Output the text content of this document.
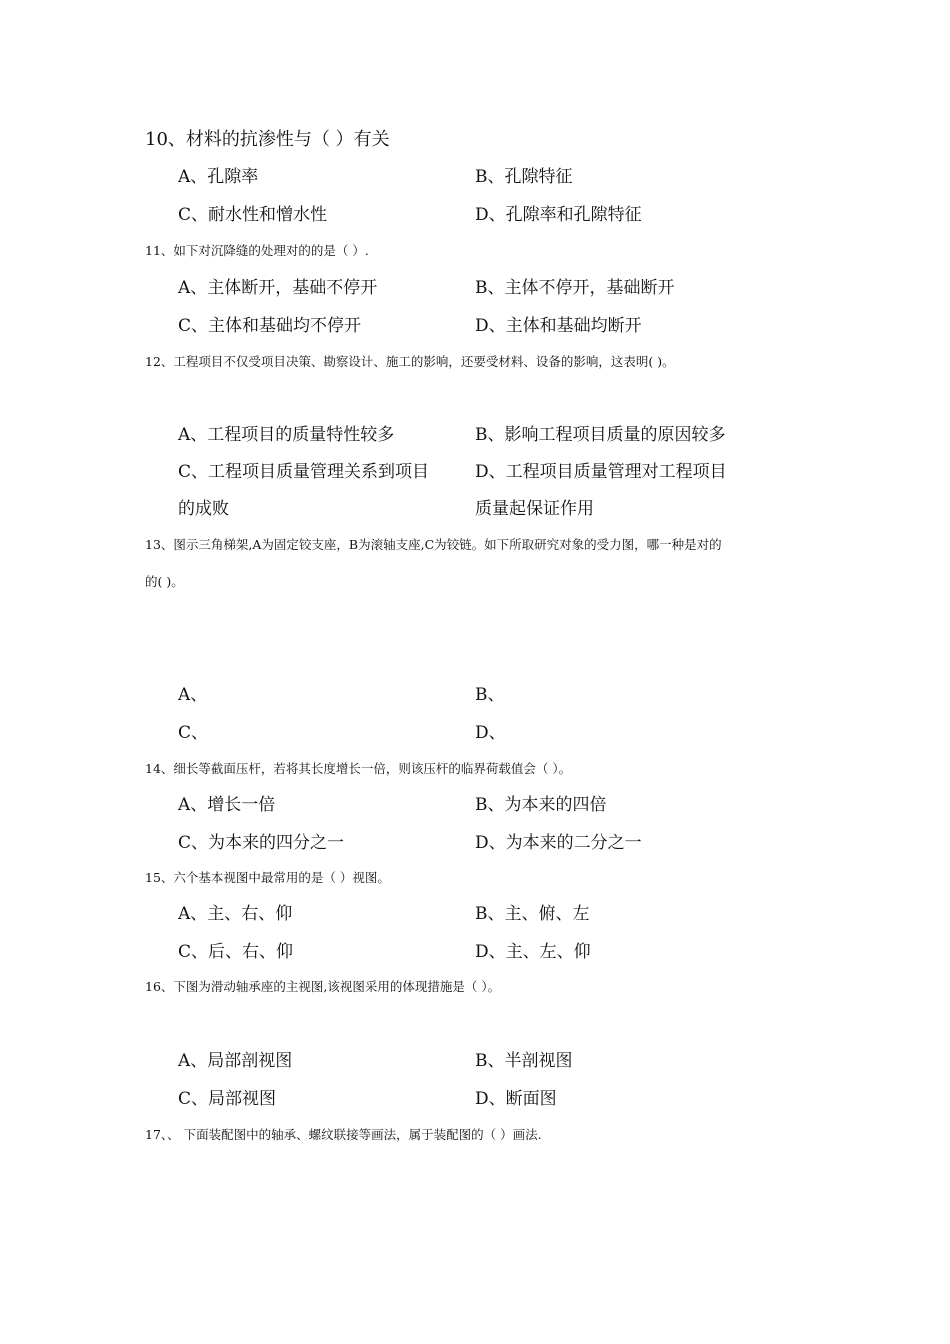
10、材料的抗渗性与（ ）有关
A、孔隙率	B、孔隙特征
C、耐水性和憎水性	D、孔隙率和孔隙特征
11、如下对沉降缝的处理对的的是（ ）.
A、主体断开，基础不停开	B、主体不停开，基础断开
C、主体和基础均不停开	D、主体和基础均断开
12、工程项目不仅受项目决策、勘察设计、施工的影响，还要受材料、设备的影响，这表明( )。
A、工程项目的质量特性较多	B、影响工程项目质量的原因较多
C、工程项目质量管理关系到项目	D、工程项目质量管理对工程项目
的成败	质量起保证作用
13、图示三角梯架,A为固定铰支座，B为滚轴支座,C为铰链。如下所取研究对象的受力图，哪一种是对的
的( )。
A、	B、
C、	D、
14、细长等截面压杆，若将其长度增长一倍，则该压杆的临界荷载值会（ ）。
A、增长一倍	B、为本来的四倍
C、为本来的四分之一	D、为本来的二分之一
15、六个基本视图中最常用的是（ ）视图。
A、主、右、仰	B、主、俯、左
C、后、右、仰	D、主、左、仰
16、下图为滑动轴承座的主视图,该视图采用的体现措施是（ ）。
A、局部剖视图	B、半剖视图
C、局部视图	D、断面图
17、、 下面装配图中的轴承、螺纹联接等画法，属于装配图的（ ）画法.
